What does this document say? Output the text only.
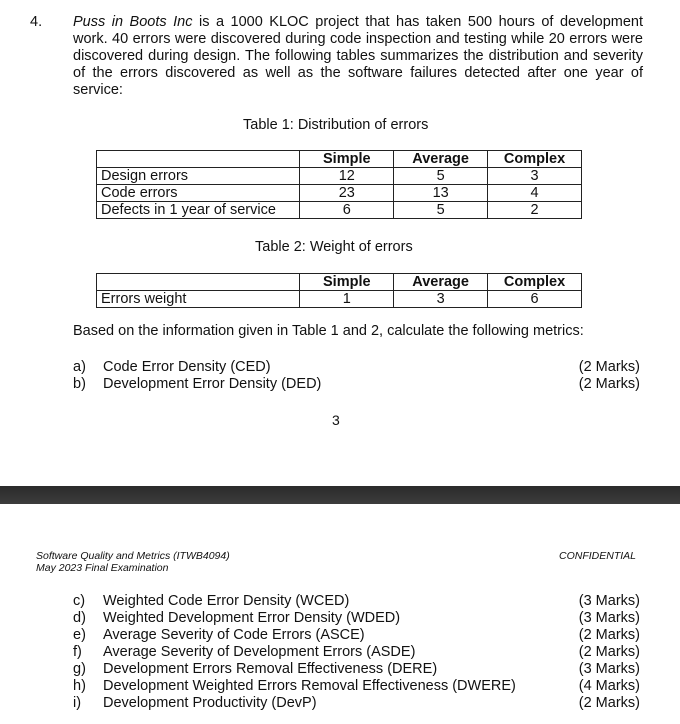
4. Puss in Boots Inc is a 1000 KLOC project that has taken 500 hours of development work. 40 errors were discovered during code inspection and testing while 20 errors were discovered during design. The following tables summarizes the distribution and severity of the errors discovered as well as the software failures detected after one year of service:
Table 1: Distribution of errors
	Simple	Average	Complex
Design errors	12	5	3
Code errors	23	13	4
Defects in 1 year of service	6	5	2
Table 2: Weight of errors
	Simple	Average	Complex
Errors weight	1	3	6
Based on the information given in Table 1 and 2, calculate the following metrics:
a)	Code Error Density (CED)	(2 Marks)
b)	Development Error Density (DED)	(2 Marks)
3
Software Quality and Metrics (ITWB4094)
May 2023 Final Examination
CONFIDENTIAL
c)	Weighted Code Error Density (WCED)	(3 Marks)
d)	Weighted Development Error Density (WDED)	(3 Marks)
e)	Average Severity of Code Errors (ASCE)	(2 Marks)
f)	Average Severity of Development Errors (ASDE)	(2 Marks)
g)	Development Errors Removal Effectiveness (DERE)	(3 Marks)
h)	Development Weighted Errors Removal Effectiveness (DWERE)	(4 Marks)
i)	Development Productivity (DevP)	(2 Marks)
